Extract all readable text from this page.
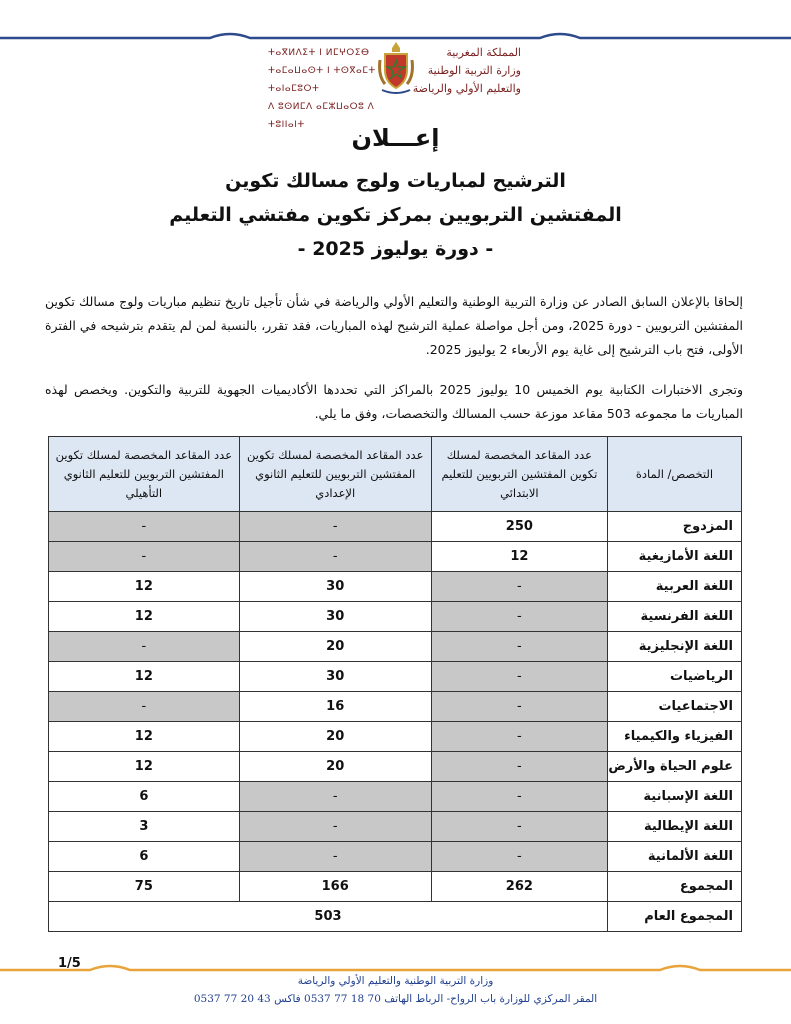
ⵜⴰⴳⵍⴷⵉⵜ ⵏ ⵍⵎⵖⵔⵉⴱ
ⵜⴰⵎⴰⵡⴰⵙⵜ ⵏ ⵜⵙⴳⴰⵎⵜ ⵜⴰⵏⴰⵎⵓⵔⵜ
ⴷ ⵓⵙⵍⵎⴷ ⴰⵎⵣⵡⴰⵔⵓ ⴷ ⵜⵓⵏⵏⴰⵏⵜ
المملكة المغربية
وزارة التربية الوطنية
والتعليم الأولي والرياضة
إعـــلان
الترشيح لمباريات ولوج مسالك تكوين
المفتشين التربويين بمركز تكوين مفتشي التعليم
- دورة يوليوز 2025 -
إلحاقا بالإعلان السابق الصادر عن وزارة التربية الوطنية والتعليم الأولي والرياضة في شأن تأجيل تاريخ تنظيم مباريات ولوج مسالك تكوين المفتشين التربويين - دورة 2025، ومن أجل مواصلة عملية الترشيح لهذه المباريات، فقد تقرر، بالنسبة لمن لم يتقدم بترشيحه في الفترة الأولى، فتح باب الترشيح إلى غاية يوم الأربعاء 2 يوليوز 2025.
وتجرى الاختبارات الكتابية يوم الخميس 10 يوليوز 2025 بالمراكز التي تحددها الأكاديميات الجهوية للتربية والتكوين. ويخصص لهذه المباريات ما مجموعه 503 مقاعد موزعة حسب المسالك والتخصصات، وفق ما يلي.
التخصص/ المادة	عدد المقاعد المخصصة لمسلك تكوين المفتشين التربويين للتعليم الابتدائي	عدد المقاعد المخصصة لمسلك تكوين المفتشين التربويين للتعليم الثانوي الإعدادي	عدد المقاعد المخصصة لمسلك تكوين المفتشين التربويين للتعليم الثانوي التأهيلي
المزدوج	250	-	-
اللغة الأمازيغية	12	-	-
اللغة العربية	-	30	12
اللغة الفرنسية	-	30	12
اللغة الإنجليزية	-	20	-
الرياضيات	-	30	12
الاجتماعيات	-	16	-
الفيزياء والكيمياء	-	20	12
علوم الحياة والأرض	-	20	12
اللغة الإسبانية	-	-	6
اللغة الإيطالية	-	-	3
اللغة الألمانية	-	-	6
المجموع	262	166	75
المجموع العام	503		
1/5
وزارة التربية الوطنية والتعليم الأولي والرياضة
المقر المركزي للوزارة باب الرواح- الرباط الهاتف 70 18 77 0537 فاكس 43 20 77 0537
